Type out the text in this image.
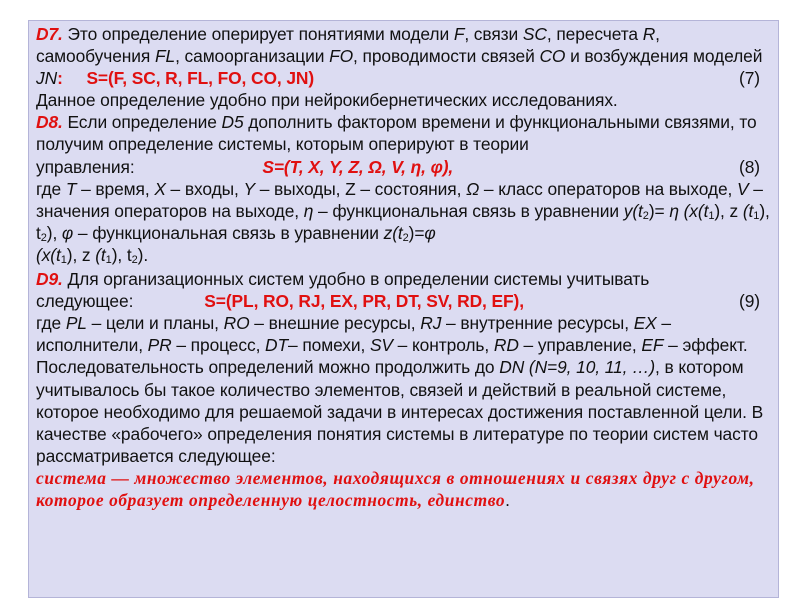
D7. Это определение оперирует понятиями модели F, связи SC, пересчета R, самообучения FL, самоорганизации FO, проводимости связей CO и возбуждения моделей JN: S=(F, SC, R, FL, FO, CO, JN)	(7)

Данное определение удобно при нейрокибернетических исследованиях.

D8. Если определение D5 дополнить фактором времени и функциональными связями, то получим определение системы, которым оперируют в теории управления:	S=(T, X, Y, Z, Ω, V, η, φ),	(8)

где T – время, X – входы, Y – выходы, Z – состояния, Ω – класс операторов на выходе, V – значения операторов на выходе, η – функциональная связь в уравнении $y(t_2)= \eta$ ($x(t_1)$, z $(t_1)$, $t_2$), φ – функциональная связь в уравнении $z(t_2)=\varphi$
($x(t_1)$, z $(t_1)$, $t_2$).

D9. Для организационных систем удобно в определении системы учитывать следующее:	S=(PL, RO, RJ, EX, PR, DT, SV, RD, EF),	(9)

где PL – цели и планы, RO – внешние ресурсы, RJ – внутренние ресурсы, EX – исполнители, PR – процесс, DT– помехи, SV – контроль, RD – управление, EF – эффект.

Последовательность определений можно продолжить до DN (N=9, 10, 11, …), в котором учитывалось бы такое количество элементов, связей и действий в реальной системе, которое необходимо для решаемой задачи в интересах достижения поставленной цели. В качестве «рабочего» определения понятия системы в литературе по теории систем часто рассматривается следующее:
система — множество элементов, находящихся в отношениях и связях друг с другом, которое образует определенную целостность, единство.
